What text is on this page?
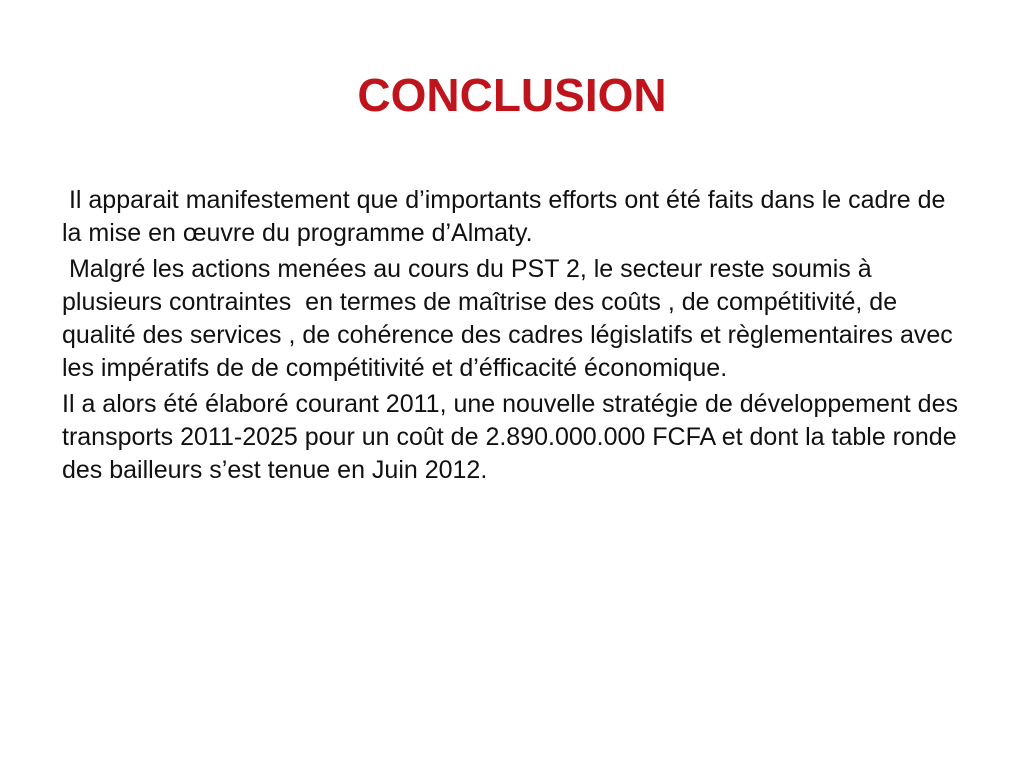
CONCLUSION

Il apparait manifestement que d’importants efforts ont été faits dans le cadre de la mise en œuvre du programme d’Almaty.

Malgré les actions menées au cours du PST 2, le secteur reste soumis à plusieurs contraintes  en termes de maîtrise des coûts , de compétitivité, de qualité des services , de cohérence des cadres législatifs et règlementaires avec les impératifs de de compétitivité et d’éfficacité économique.

Il a alors été élaboré courant 2011, une nouvelle stratégie de développement des transports 2011-2025 pour un coût de 2.890.000.000 FCFA et dont la table ronde des bailleurs s’est tenue en Juin 2012.
